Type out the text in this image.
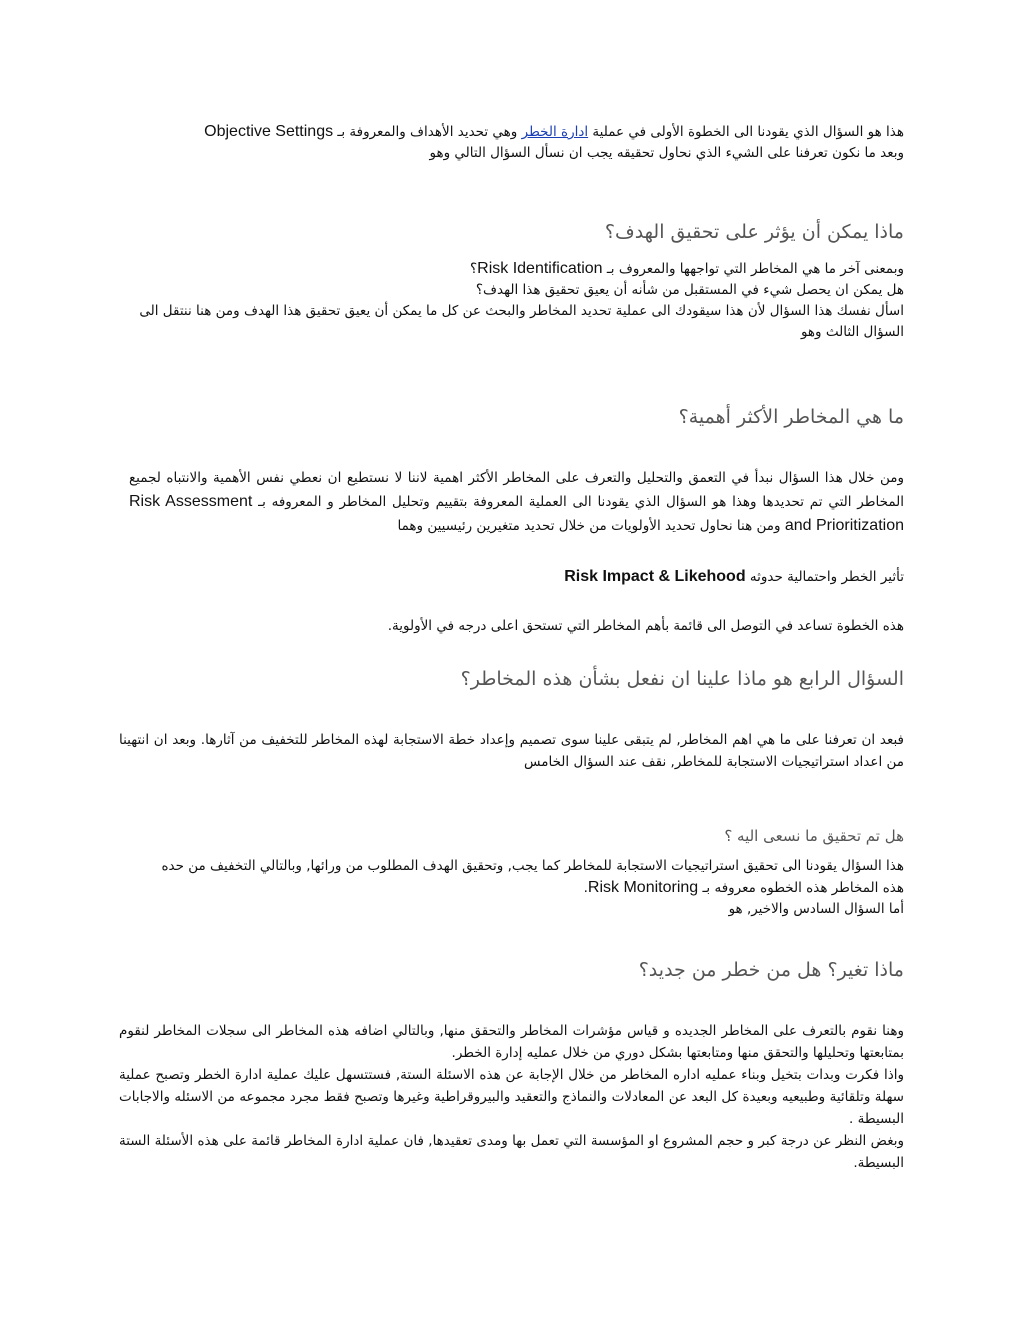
هذا هو السؤال الذي يقودنا الى الخطوة الأولى في عملية ادارة الخطر وهي تحديد الأهداف والمعروفة بـ Objective Settings

وبعد ما نكون تعرفنا على الشيء الذي نحاول تحقيقه يجب ان نسأل السؤال التالي وهو

ماذا يمكن أن يؤثر على تحقيق الهدف؟

وبمعنى آخر ما هي المخاطر التي تواجهها والمعروف بـ Risk Identification؟

هل يمكن ان يحصل شيء في المستقبل من شأنه أن يعيق تحقيق هذا الهدف؟

اسأل نفسك هذا السؤال لأن هذا سيقودك الى عملية تحديد المخاطر والبحث عن كل ما يمكن أن يعيق تحقيق هذا الهدف ومن هنا ننتقل الى السؤال الثالث وهو

ما هي المخاطر الأكثر أهمية؟

ومن خلال هذا السؤال نبدأ في التعمق والتحليل والتعرف على المخاطر الأكثر اهمية لاننا لا نستطيع ان نعطي نفس الأهمية والانتباه لجميع المخاطر التي تم تحديدها وهذا هو السؤال الذي يقودنا الى العملية المعروفة بتقييم وتحليل المخاطر و المعروفه بـ Risk Assessment and Prioritization ومن هنا نحاول تحديد الأولويات من خلال تحديد متغيرين رئيسيين وهما

تأثير الخطر واحتمالية حدوثه Risk Impact & Likehood

هذه الخطوة تساعد في التوصل الى قائمة بأهم المخاطر التي تستحق اعلى درجه في الأولوية.

السؤال الرابع هو ماذا علينا ان نفعل بشأن هذه المخاطر؟

فبعد ان تعرفنا على ما هي اهم المخاطر, لم يتبقى علينا سوى تصميم وإعداد خطة الاستجابة لهذه المخاطر للتخفيف من آثارها. وبعد ان انتهينا من اعداد استراتيجيات الاستجابة للمخاطر, نقف عند السؤال الخامس

هل تم تحقيق ما نسعى اليه ؟

هذا السؤال يقودنا الى تحقيق استراتيجيات الاستجابة للمخاطر كما يجب, وتحقيق الهدف المطلوب من ورائها, وبالتالي التخفيف من حده

هذه المخاطر هذه الخطوه معروفه بـ Risk Monitoring.

أما السؤال السادس والاخير, هو

ماذا تغير؟ هل من خطر من جديد؟

وهنا نقوم بالتعرف على المخاطر الجديده و قياس مؤشرات المخاطر والتحقق منها, وبالتالي اضافه هذه المخاطر الى سجلات المخاطر لنقوم بمتابعتها وتحليلها والتحقق منها ومتابعتها بشكل دوري من خلال عمليه إدارة الخطر.

واذا فكرت وبدات بتخيل وبناء عمليه اداره المخاطر من خلال الإجابة عن هذه الاسئلة الستة, فستتسهل عليك عملية ادارة الخطر وتصبح عملية سهلة وتلقائية وطبيعيه وبعيدة كل البعد عن المعادلات والنماذج والتعقيد والبيروقراطية وغيرها وتصبح فقط مجرد مجموعه من الاسئله والاجابات البسيطة .

وبغض النظر عن درجة كبر و حجم المشروع او المؤسسة التي تعمل بها ومدى تعقيدها, فان عملية ادارة المخاطر قائمة على هذه الأسئلة الستة البسيطة.
